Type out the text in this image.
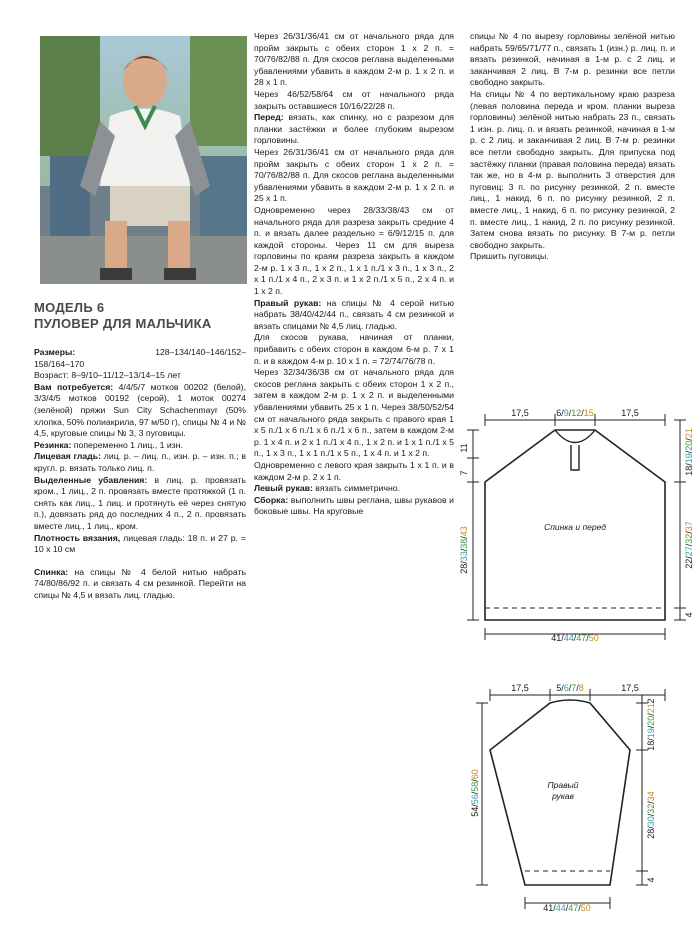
МОДЕЛЬ 6
ПУЛОВЕР ДЛЯ МАЛЬЧИКА
Размеры:	128–134/140–146/152–
158/164–170

Возраст: 8–9/10–11/12–13/14–15 лет

Вам потребуется: 4/4/5/7 мотков 00202 (белой), 3/3/4/5 мотков 00192 (серой), 1 моток 00274 (зелёной) пряжи Sun City Schachenmayr (50% хлопка, 50% полиакрила, 97 м/50 г), спицы № 4 и № 4,5, круговые спицы № 3, 3 пуговицы.

Резинка: попеременно 1 лиц., 1 изн.

Лицевая гладь: лиц. р. – лиц. п., изн. р. – изн. п.; в кругл. р. вязать только лиц. п.

Выделенные убавления: в лиц. р. провязать кром., 1 лиц., 2 п. провязать вместе протяжкой (1 п. снять как лиц., 1 лиц. и протянуть её через снятую п.), довязать ряд до последних 4 п., 2 п. провязать вместе лиц., 1 лиц., кром.

Плотность вязания, лицевая гладь: 18 п. и 27 р. = 10 x 10 см

Спинка: на спицы № 4 белой нитью набрать 74/80/86/92 п. и связать 4 см резинкой. Перейти на спицы № 4,5 и вязать лиц. гладью.

Через 26/31/36/41 см от начального ряда для пройм закрыть с обеих сторон 1 х 2 п. = 70/76/82/88 п. Для скосов реглана выделенными убавлениями убавить в каждом 2-м р. 1 х 2 п. и 28 х 1 п.

Через 46/52/58/64 см от начального ряда закрыть оставшиеся 10/16/22/28 п.

Перед: вязать, как спинку, но с разрезом для планки застёжки и более глубоким вырезом горловины.

Через 26/31/36/41 см от начального ряда для пройм закрыть с обеих сторон 1 х 2 п. = 70/76/82/88 п. Для скосов реглана выделенными убавлениями убавить в каждом 2-м р. 1 х 2 п. и 25 х 1 п.

Одновременно через 28/33/38/43 см от начального ряда для разреза закрыть средние 4 п. и вязать далее раздельно = 6/9/12/15 п. для каждой стороны. Через 11 см для выреза горловины по краям разреза закрыть в каждом 2-м р. 1 х 3 п., 1 х 2 п., 1 х 1 п./1 х 3 п., 1 х 3 п., 2 х 1 п./1 х 4 п., 2 х 3 п. и 1 х 2 п./1 х 5 п., 2 х 4 п. и 1 х 2 п.

Правый рукав: на спицы № 4 серой нитью набрать 38/40/42/44 п., связать 4 см резинкой и вязать спицами № 4,5 лиц. гладью.

Для скосов рукава, начиная от планки, прибавить с обеих сторон в каждом 6-м р. 7 х 1 п. и в каждом 4-м р. 10 х 1 п. = 72/74/76/78 п.

Через 32/34/36/38 см от начального ряда для скосов реглана закрыть с обеих сторон 1 х 2 п., затем в каждом 2-м р. 1 х 2 п. и выделенными убавлениями убавить 25 х 1 п. Через 38/50/52/54 см от начального ряда закрыть с правого края 1 х 5 п./1 х 6 п./1 х 6 п./1 х 6 п., затем в каждом 2-м р. 1 х 4 п. и 2 х 1 п./1 х 4 п., 1 х 2 п. и 1 х 1 п./1 х 5 п., 1 х 3 п., 1 х 1 п./1 х 5 п., 1 х 4 п. и 1 х 2 п.

Одновременно с левого края закрыть 1 х 1 п. и в каждом 2-м р. 2 х 1 п.

Левый рукав: вязать симметрично.

Сборка: выполнить швы реглана, швы рукавов и боковые швы. На круговые

спицы № 4 по вырезу горловины зелёной нитью набрать 59/65/71/77 п., связать 1 (изн.) р. лиц. п. и вязать резинкой, начиная в 1-м р. с 2 лиц. и заканчивая 2 лиц. В 7-м р. резинки все петли свободно закрыть.

На спицы № 4 по вертикальному краю разреза (левая половина переда и кром. планки выреза горловины) зелёной нитью набрать 23 п., связать 1 изн. р. лиц. п. и вязать резинкой, начиная в 1-м р. с 2 лиц. и заканчивая 2 лиц. В 7-м р. резинки все петли свободно закрыть. Для припуска под застёжку планки (правая половина переда) вязать так же, но в 4-м р. выполнить 3 отверстия для пуговиц: 3 п. по рисунку резинкой, 2 п. вместе лиц., 1 накид, 6 п. по рисунку резинкой, 2 п. вместе лиц., 1 накид, 6 п. по рисунку резинкой, 2 п. вместе лиц., 1 накид, 2 п. по рисунку резинкой. Затем снова вязать по рисунку. В 7-м р. петли свободно закрыть.

Пришить пуговицы.

17,5	17,5
6/9/12/15
11
7
28/33/38/43
18/19/20/21
22/27/32/37
4
Спинка и перед
41/44/47/50
17,5	17,5
5/6/7/8
2
18/19/20/21
28/30/32/34
4
54/56/58/60
Правый
рукав
41/44/47/50
